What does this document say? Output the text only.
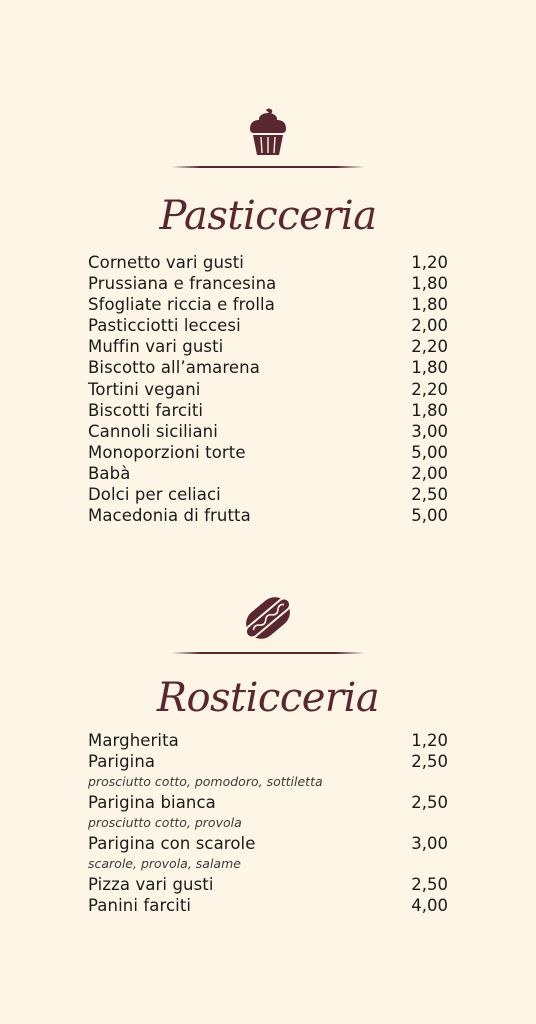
Pasticceria
Cornetto vari gusti	1,20
Prussiana e francesina	1,80
Sfogliate riccia e frolla	1,80
Pasticciotti leccesi	2,00
Muffin vari gusti	2,20
Biscotto all’amarena	1,80
Tortini vegani	2,20
Biscotti farciti	1,80
Cannoli siciliani	3,00
Monoporzioni torte	5,00
Babà	2,00
Dolci per celiaci	2,50
Macedonia di frutta	5,00
Rosticceria
Margherita	1,20
Parigina	2,50
prosciutto cotto, pomodoro, sottiletta
Parigina bianca	2,50
prosciutto cotto, provola
Parigina con scarole	3,00
scarole, provola, salame
Pizza vari gusti	2,50
Panini farciti	4,00
